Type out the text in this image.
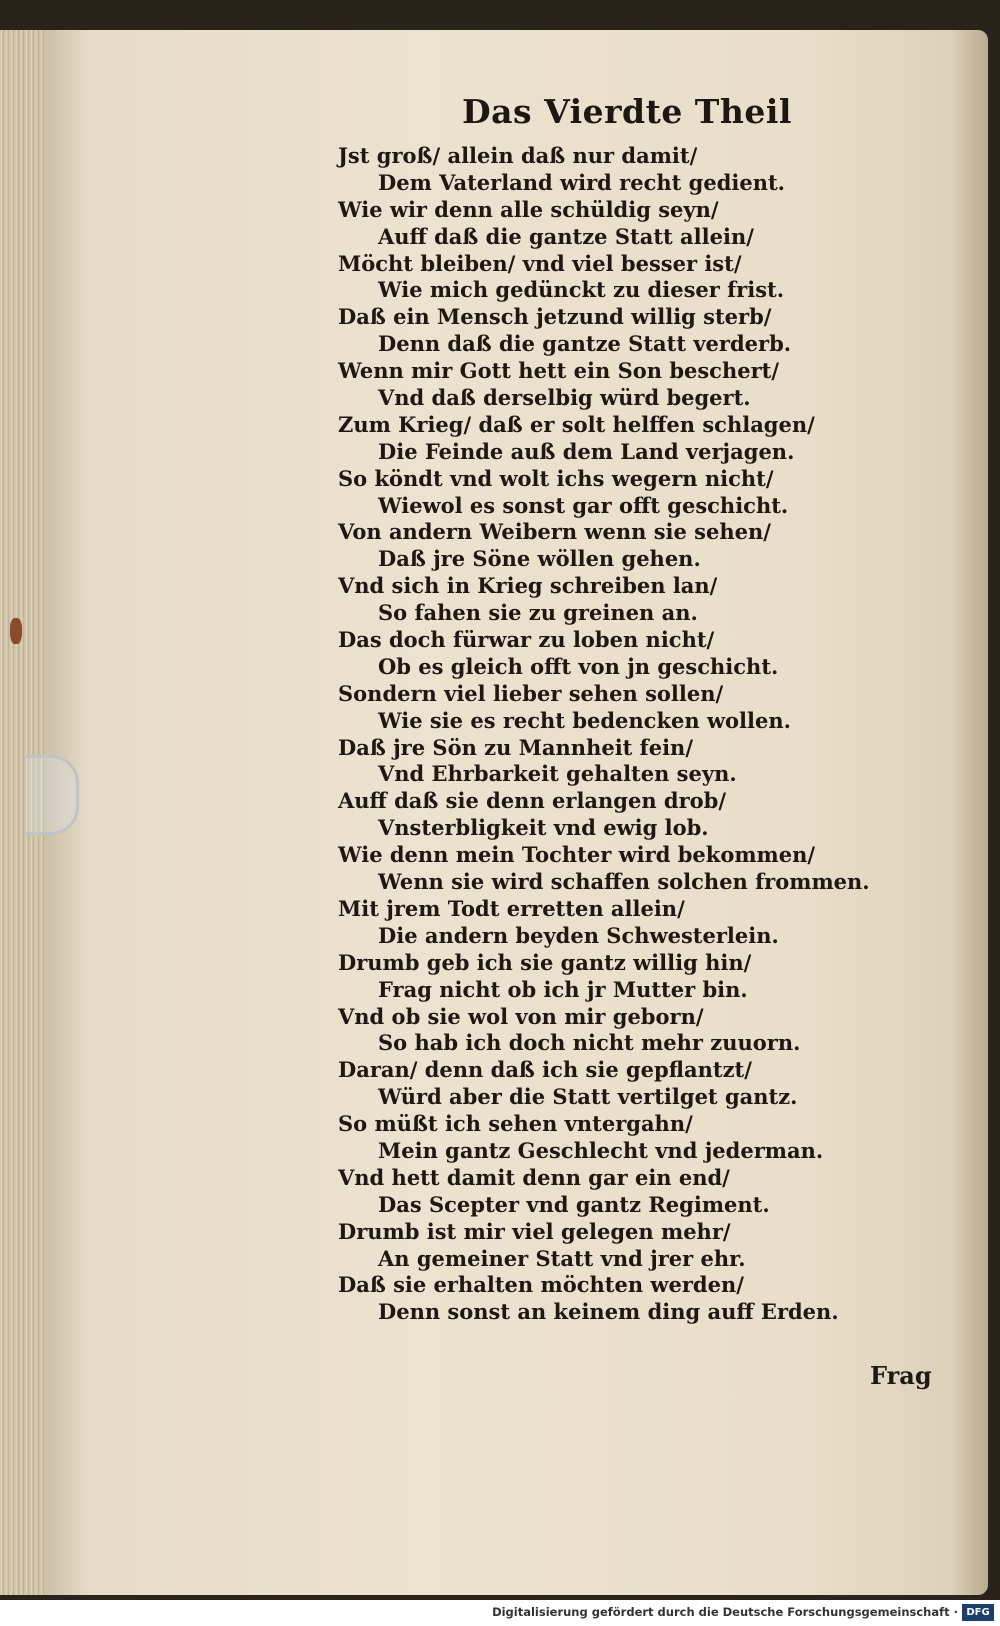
Das Vierdte Theil
Jst groß/ allein daß nur damit/
Dem Vaterland wird recht gedient.
Wie wir denn alle schüldig seyn/
Auff daß die gantze Statt allein/
Möcht bleiben/ vnd viel besser ist/
Wie mich gedünckt zu dieser frist.
Daß ein Mensch jetzund willig sterb/
Denn daß die gantze Statt verderb.
Wenn mir Gott hett ein Son beschert/
Vnd daß derselbig würd begert.
Zum Krieg/ daß er solt helffen schlagen/
Die Feinde auß dem Land verjagen.
So köndt vnd wolt ichs wegern nicht/
Wiewol es sonst gar offt geschicht.
Von andern Weibern wenn sie sehen/
Daß jre Söne wöllen gehen.
Vnd sich in Krieg schreiben lan/
So fahen sie zu greinen an.
Das doch fürwar zu loben nicht/
Ob es gleich offt von jn geschicht.
Sondern viel lieber sehen sollen/
Wie sie es recht bedencken wollen.
Daß jre Sön zu Mannheit fein/
Vnd Ehrbarkeit gehalten seyn.
Auff daß sie denn erlangen drob/
Vnsterbligkeit vnd ewig lob.
Wie denn mein Tochter wird bekommen/
Wenn sie wird schaffen solchen frommen.
Mit jrem Todt erretten allein/
Die andern beyden Schwesterlein.
Drumb geb ich sie gantz willig hin/
Frag nicht ob ich jr Mutter bin.
Vnd ob sie wol von mir geborn/
So hab ich doch nicht mehr zuuorn.
Daran/ denn daß ich sie gepflantzt/
Würd aber die Statt vertilget gantz.
So müßt ich sehen vntergahn/
Mein gantz Geschlecht vnd jederman.
Vnd hett damit denn gar ein end/
Das Scepter vnd gantz Regiment.
Drumb ist mir viel gelegen mehr/
An gemeiner Statt vnd jrer ehr.
Daß sie erhalten möchten werden/
Denn sonst an keinem ding auff Erden.
Frag
Digitalisierung gefördert durch die Deutsche Forschungsgemeinschaft · DFG
